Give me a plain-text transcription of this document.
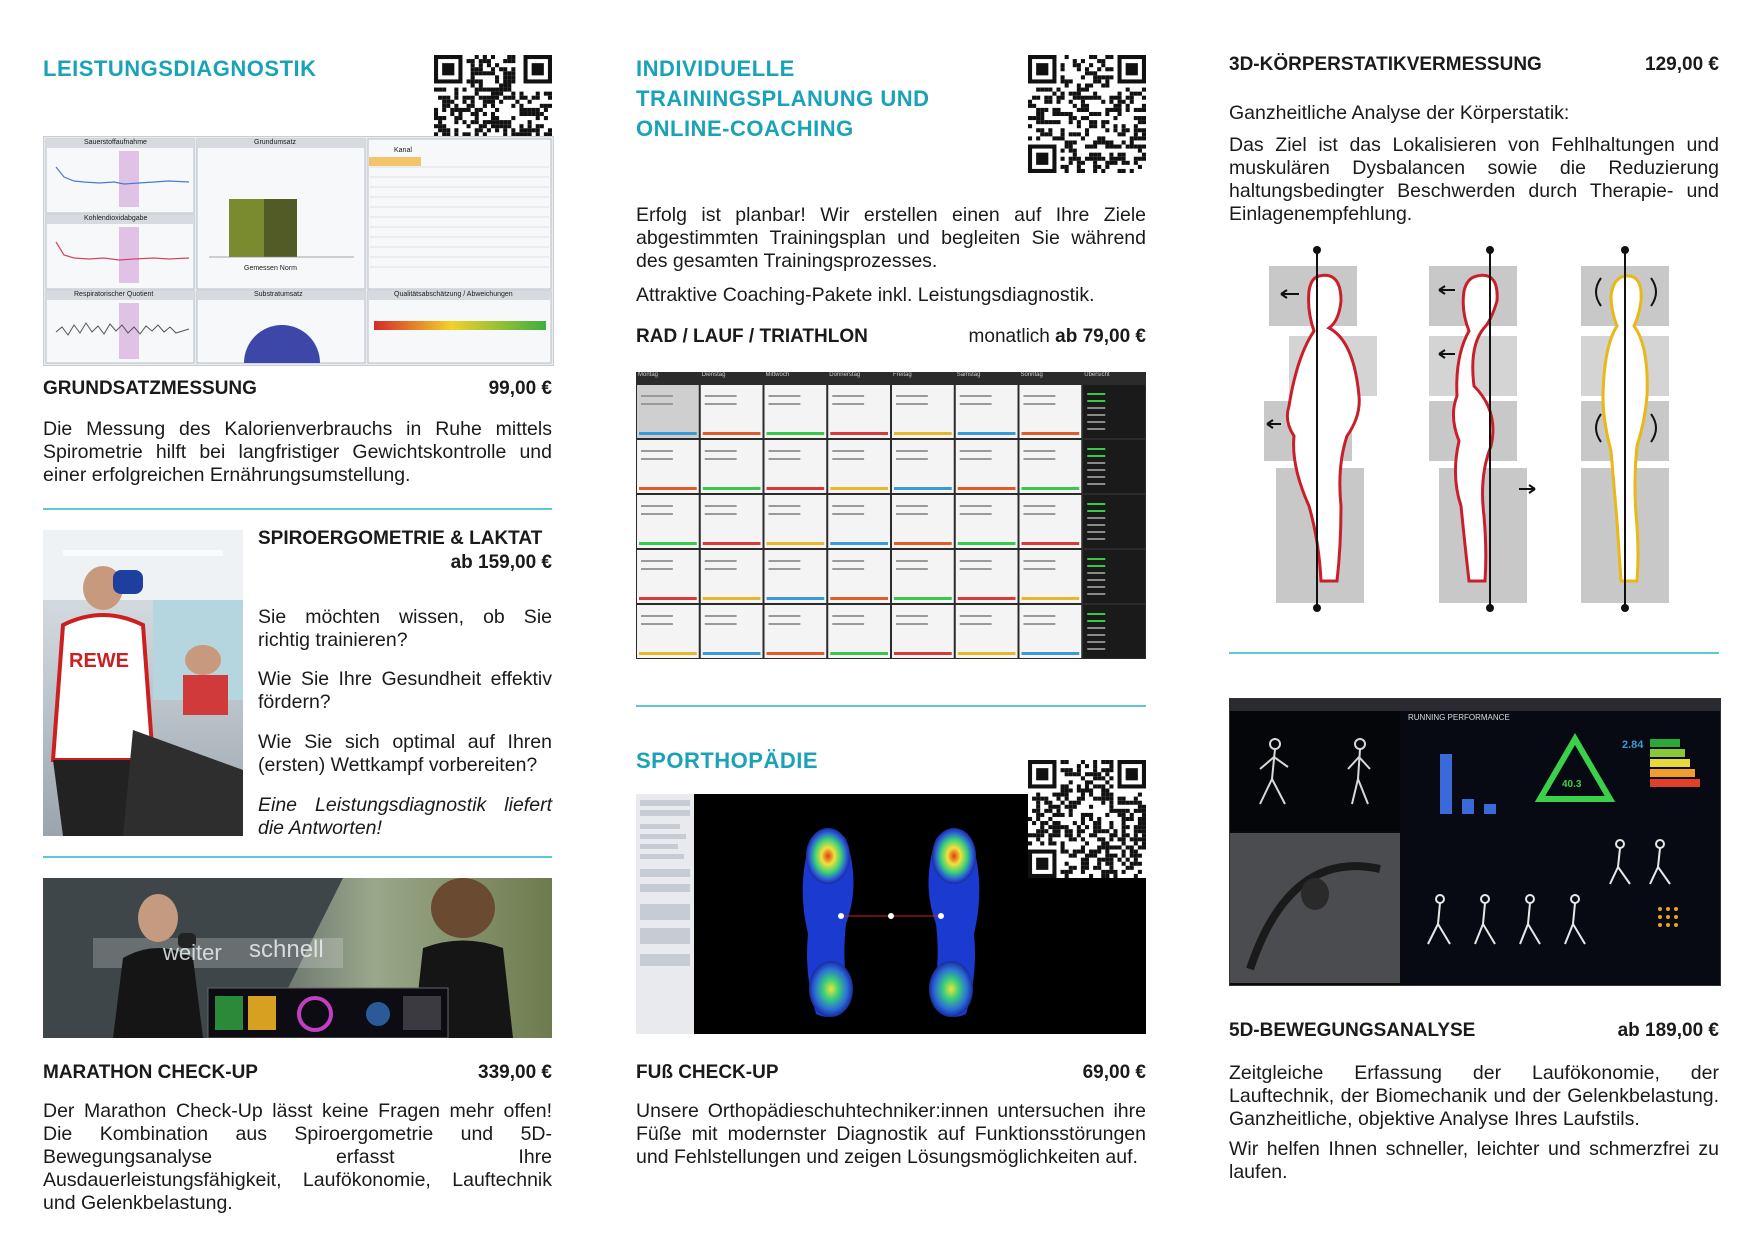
LEISTUNGSDIAGNOSTIK
Sauerstoffaufnahme
Kohlendioxidabgabe
Respiratorischer Quotient
Grundumsatz
Substratumsatz	Qualitätsabschätzung / Abweichungen
Kanal
Gemessen Norm
GRUNDSATZMESSUNG	99,00 €
Die Messung des Kalorienverbrauchs in Ruhe mittels Spirometrie hilft bei langfristiger Gewichtskontrolle und einer erfolgreichen Ernährungsumstellung.
REWE
SPIROERGOMETRIE & LAKTAT
ab 159,00 €
Sie möchten wissen, ob Sie richtig trainieren?
Wie Sie Ihre Gesundheit effektiv fördern?
Wie Sie sich optimal auf Ihren (ersten) Wettkampf vorbereiten?
Eine Leistungsdiagnostik liefert die Antworten!
weiter schnell
MARATHON CHECK-UP	339,00 €
Der Marathon Check-Up lässt keine Fragen mehr offen! Die Kombination aus Spiroergometrie und 5D-Bewegungsanalyse erfasst Ihre Ausdauerleistungsfähigkeit, Laufökonomie, Lauftechnik und Gelenkbelastung.
INDIVIDUELLE
TRAININGSPLANUNG UND
ONLINE-COACHING
Erfolg ist planbar! Wir erstellen einen auf Ihre Ziele abgestimmten Trainingsplan und begleiten Sie während des gesamten Trainingsprozesses.
Attraktive Coaching-Pakete inkl. Leistungsdiagnostik.
RAD / LAUF / TRIATHLON	monatlich ab 79,00 €
Montag	Dienstag	Mittwoch	Donnerstag	Freitag	Samstag	Sonntag	Übersicht
SPORTHOPÄDIE
FUß CHECK-UP	69,00 €
Unsere Orthopädieschuhtechniker:innen untersuchen ihre Füße mit modernster Diagnostik auf Funktionsstörungen und Fehlstellungen und zeigen Lösungsmöglichkeiten auf.
3D-KÖRPERSTATIKVERMESSUNG	129,00 €
Ganzheitliche Analyse der Körperstatik:
Das Ziel ist das Lokalisieren von Fehlhaltungen und muskulären Dysbalancen sowie die Reduzierung haltungsbedingter Beschwerden durch Therapie- und Einlagenempfehlung.
RUNNING PERFORMANCE
40.3
2.84
5D-BEWEGUNGSANALYSE	ab 189,00 €
Zeitgleiche Erfassung der Laufökonomie, der Lauftechnik, der Biomechanik und der Gelenkbelastung. Ganzheitliche, objektive Analyse Ihres Laufstils.
Wir helfen Ihnen schneller, leichter und schmerzfrei zu laufen.
